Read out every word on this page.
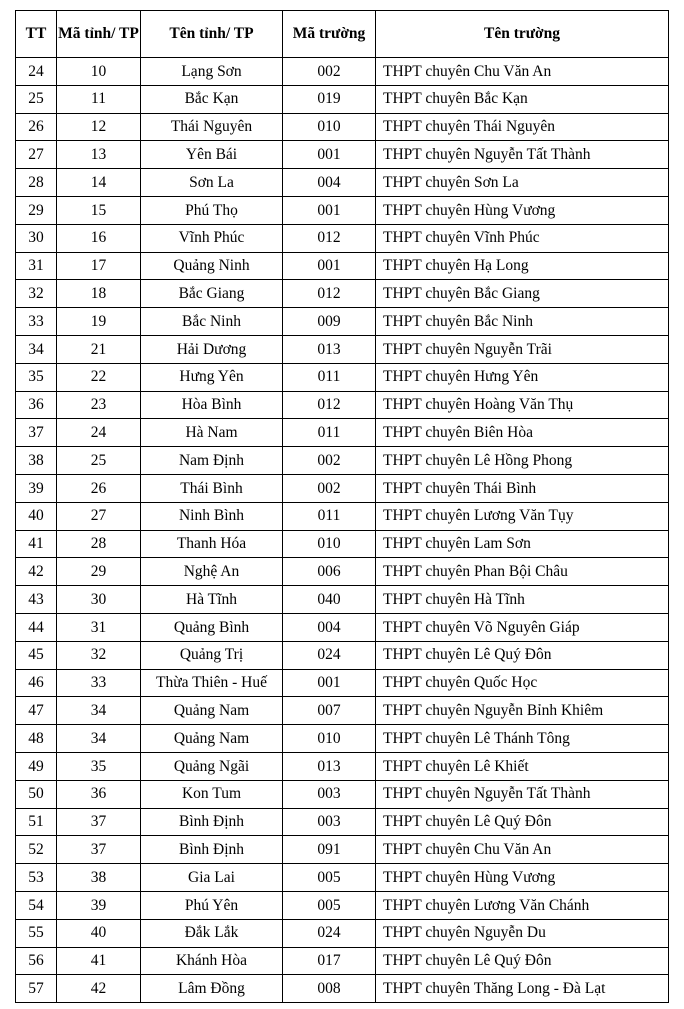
TT	Mã tỉnh/ TP	Tên tỉnh/ TP	Mã trường	Tên trường
24	10	Lạng Sơn	002	THPT chuyên Chu Văn An
25	11	Bắc Kạn	019	THPT chuyên Bắc Kạn
26	12	Thái Nguyên	010	THPT chuyên Thái Nguyên
27	13	Yên Bái	001	THPT chuyên Nguyễn Tất Thành
28	14	Sơn La	004	THPT chuyên Sơn La
29	15	Phú Thọ	001	THPT chuyên Hùng Vương
30	16	Vĩnh Phúc	012	THPT chuyên Vĩnh Phúc
31	17	Quảng Ninh	001	THPT chuyên Hạ Long
32	18	Bắc Giang	012	THPT chuyên Bắc Giang
33	19	Bắc Ninh	009	THPT chuyên Bắc Ninh
34	21	Hải Dương	013	THPT chuyên Nguyễn Trãi
35	22	Hưng Yên	011	THPT chuyên Hưng Yên
36	23	Hòa Bình	012	THPT chuyên Hoàng Văn Thụ
37	24	Hà Nam	011	THPT chuyên Biên Hòa
38	25	Nam Định	002	THPT chuyên Lê Hồng Phong
39	26	Thái Bình	002	THPT chuyên Thái Bình
40	27	Ninh Bình	011	THPT chuyên Lương Văn Tụy
41	28	Thanh Hóa	010	THPT chuyên Lam Sơn
42	29	Nghệ An	006	THPT chuyên Phan Bội Châu
43	30	Hà Tĩnh	040	THPT chuyên Hà Tĩnh
44	31	Quảng Bình	004	THPT chuyên Võ Nguyên Giáp
45	32	Quảng Trị	024	THPT chuyên Lê Quý Đôn
46	33	Thừa Thiên - Huế	001	THPT chuyên Quốc Học
47	34	Quảng Nam	007	THPT chuyên Nguyễn Bỉnh Khiêm
48	34	Quảng Nam	010	THPT chuyên Lê Thánh Tông
49	35	Quảng Ngãi	013	THPT chuyên Lê Khiết
50	36	Kon Tum	003	THPT chuyên Nguyễn Tất Thành
51	37	Bình Định	003	THPT chuyên Lê Quý Đôn
52	37	Bình Định	091	THPT chuyên Chu Văn An
53	38	Gia Lai	005	THPT chuyên Hùng Vương
54	39	Phú Yên	005	THPT chuyên Lương Văn Chánh
55	40	Đắk Lắk	024	THPT chuyên Nguyễn Du
56	41	Khánh Hòa	017	THPT chuyên Lê Quý Đôn
57	42	Lâm Đồng	008	THPT chuyên Thăng Long - Đà Lạt
